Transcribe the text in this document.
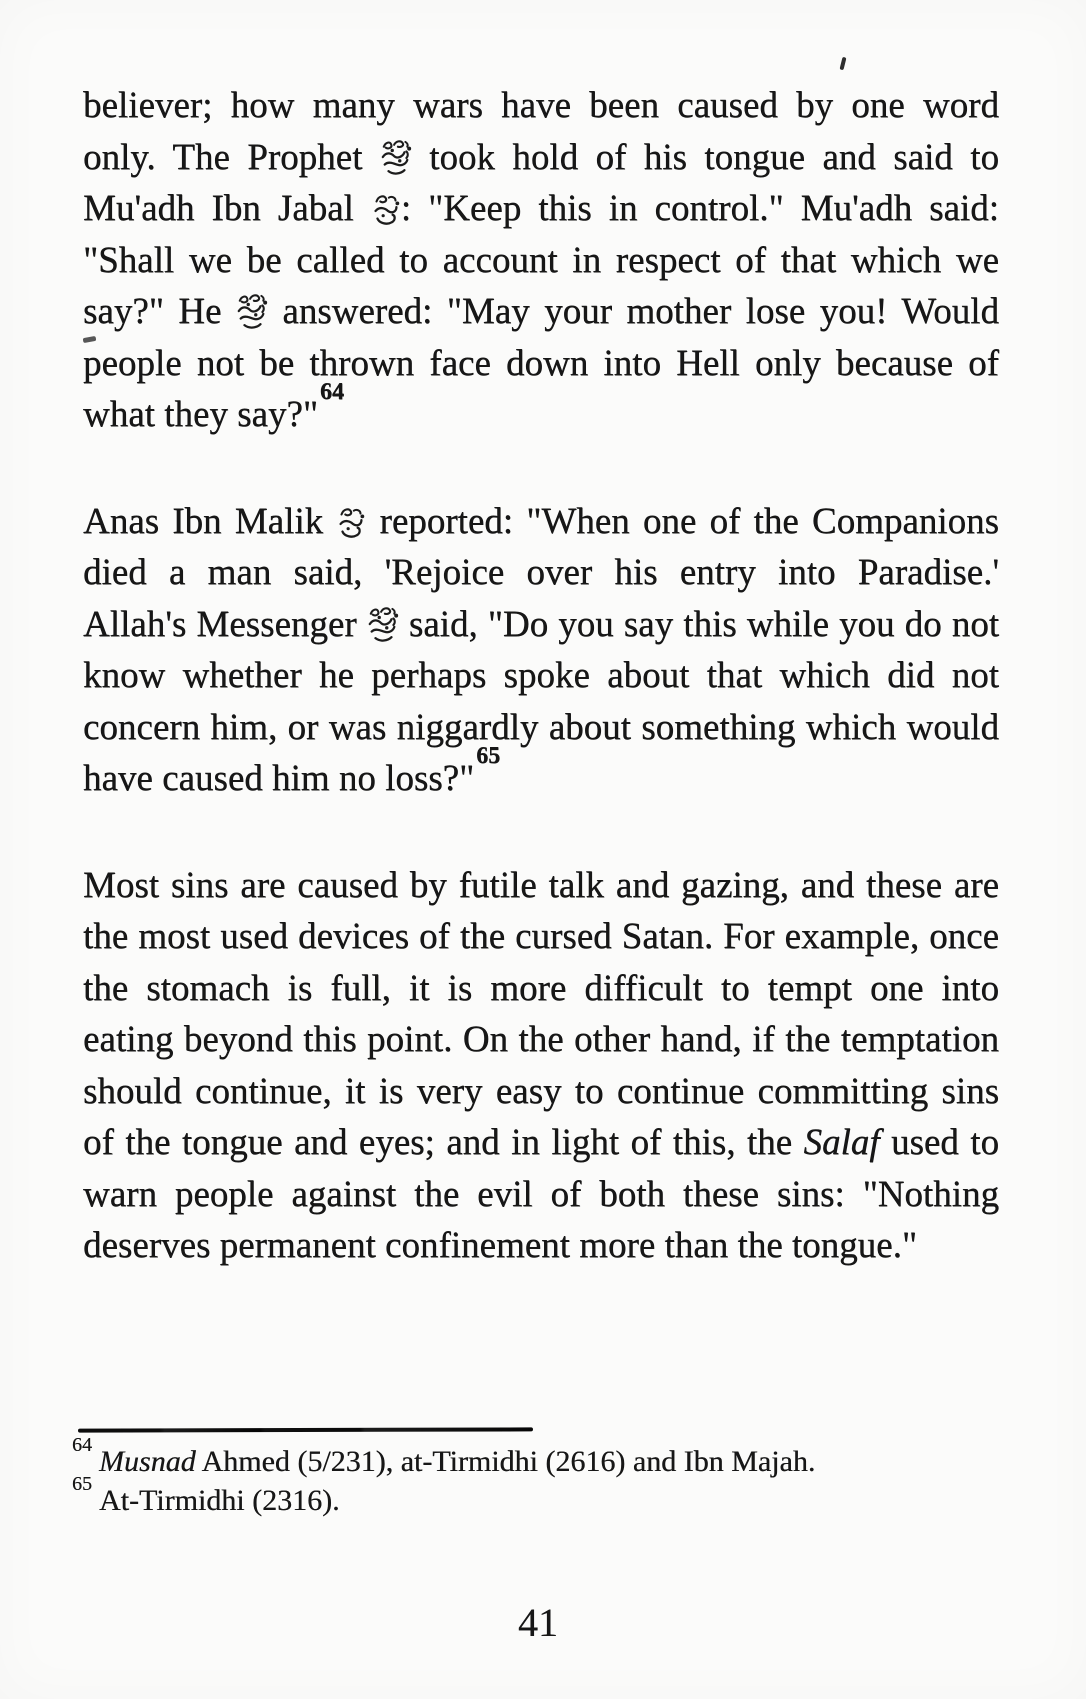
believer; how many wars have been caused by one word
only. The Prophet  took hold of his tongue and said to
Mu'adh Ibn Jabal : "Keep this in control." Mu'adh said:
"Shall we be called to account in respect of that which we
say?" He  answered: "May your mother lose you! Would
people not be thrown face down into Hell only because of
what they say?"$^{64}$
Anas Ibn Malik  reported: "When one of the Companions
died a man said, 'Rejoice over his entry into Paradise.'
Allah's Messenger  said, "Do you say this while you do not
know whether he perhaps spoke about that which did not
concern him, or was niggardly about something which would
have caused him no loss?"$^{65}$
Most sins are caused by futile talk and gazing, and these are
the most used devices of the cursed Satan. For example, once
the stomach is full, it is more difficult to tempt one into
eating beyond this point. On the other hand, if the temptation
should continue, it is very easy to continue committing sins
of the tongue and eyes; and in light of this, the Salaf used to
warn people against the evil of both these sins: "Nothing
deserves permanent confinement more than the tongue."
$^{64}$ Musnad Ahmed (5/231), at-Tirmidhi (2616) and Ibn Majah.
$^{65}$ At-Tirmidhi (2316).
41
